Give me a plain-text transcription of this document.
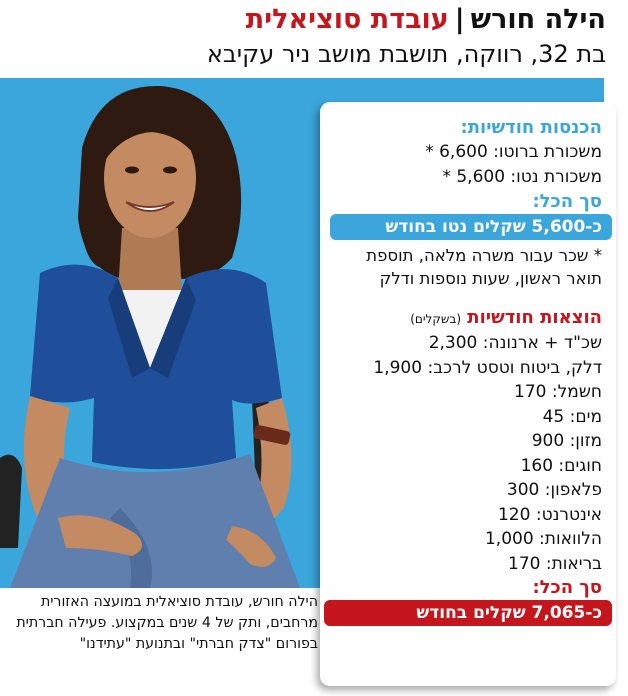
הילה חורש|עובדת סוציאלית
בת 32, רווקה, תושבת מושב ניר עקיבא
הילה חורש, עובדת סוציאלית במועצה האזורית מרחבים, ותק של 4 שנים במקצוע. פעילה חברתית בפורום "צדק חברתי" ובתנועת "עתידנו"
הכנסות חודשיות:
משכורת ברוטו: 6,600 *
משכורת נטו: 5,600 *
סך הכל:
כ-5,600 שקלים נטו בחודש
* שכר עבור משרה מלאה, תוספת תואר ראשון, שעות נוספות ודלק
הוצאות חודשיות (בשקלים)
שכ"ד + ארנונה: 2,300
דלק, ביטוח וטסט לרכב: 1,900
חשמל: 170
מים: 45
מזון: 900
חוגים: 160
פלאפון: 300
אינטרנט: 120
הלוואות: 1,000
בריאות: 170
סך הכל:
כ-7,065 שקלים בחודש
